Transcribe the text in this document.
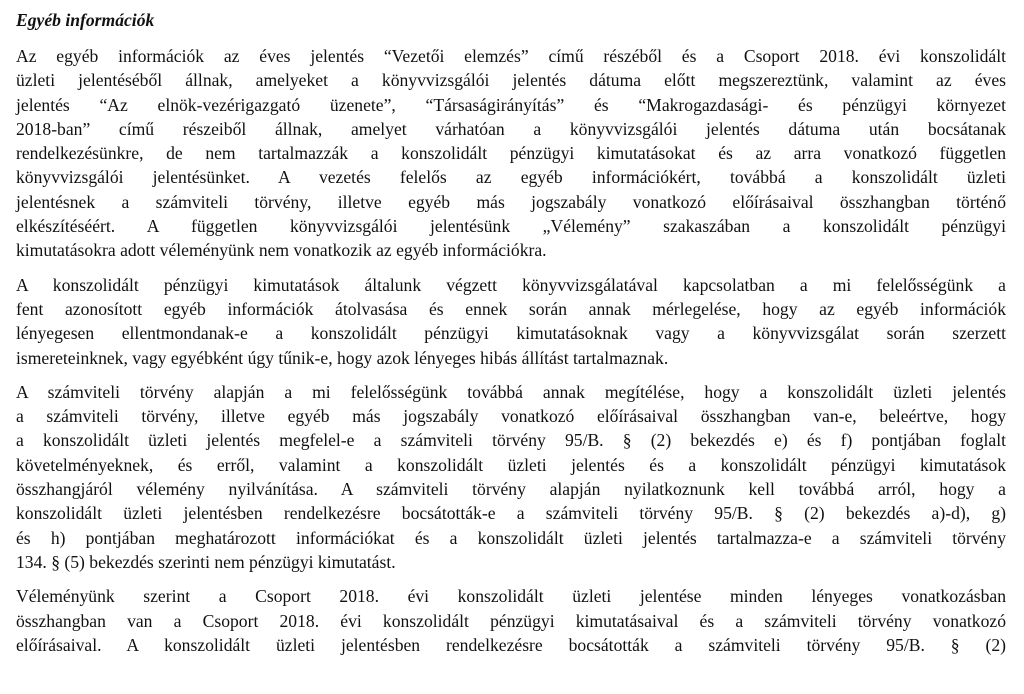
Egyéb információk
Az egyéb információk az éves jelentés “Vezetői elemzés” című részéből és a Csoport 2018. évi konszolidált
üzleti jelentéséből állnak, amelyeket a könyvvizsgálói jelentés dátuma előtt megszereztünk, valamint az éves
jelentés “Az elnök-vezérigazgató üzenete”, “Társaságirányítás” és “Makrogazdasági- és pénzügyi környezet
2018-ban” című részeiből állnak, amelyet várhatóan a könyvvizsgálói jelentés dátuma után bocsátanak
rendelkezésünkre, de nem tartalmazzák a konszolidált pénzügyi kimutatásokat és az arra vonatkozó független
könyvvizsgálói jelentésünket. A vezetés felelős az egyéb információkért, továbbá a konszolidált üzleti
jelentésnek a számviteli törvény, illetve egyéb más jogszabály vonatkozó előírásaival összhangban történő
elkészítéséért. A független könyvvizsgálói jelentésünk „Vélemény” szakaszában a konszolidált pénzügyi
kimutatásokra adott véleményünk nem vonatkozik az egyéb információkra.
A konszolidált pénzügyi kimutatások általunk végzett könyvvizsgálatával kapcsolatban a mi felelősségünk a
fent azonosított egyéb információk átolvasása és ennek során annak mérlegelése, hogy az egyéb információk
lényegesen ellentmondanak-e a konszolidált pénzügyi kimutatásoknak vagy a könyvvizsgálat során szerzett
ismereteinknek, vagy egyébként úgy tűnik-e, hogy azok lényeges hibás állítást tartalmaznak.
A számviteli törvény alapján a mi felelősségünk továbbá annak megítélése, hogy a konszolidált üzleti jelentés
a számviteli törvény, illetve egyéb más jogszabály vonatkozó előírásaival összhangban van-e, beleértve, hogy
a konszolidált üzleti jelentés megfelel-e a számviteli törvény 95/B. § (2) bekezdés e) és f) pontjában foglalt
követelményeknek, és erről, valamint a konszolidált üzleti jelentés és a konszolidált pénzügyi kimutatások
összhangjáról vélemény nyilvánítása. A számviteli törvény alapján nyilatkoznunk kell továbbá arról, hogy a
konszolidált üzleti jelentésben rendelkezésre bocsátották-e a számviteli törvény 95/B. § (2) bekezdés a)-d), g)
és h) pontjában meghatározott információkat és a konszolidált üzleti jelentés tartalmazza-e a számviteli törvény
134. § (5) bekezdés szerinti nem pénzügyi kimutatást.
Véleményünk szerint a Csoport 2018. évi konszolidált üzleti jelentése minden lényeges vonatkozásban
összhangban van a Csoport 2018. évi konszolidált pénzügyi kimutatásaival és a számviteli törvény vonatkozó
előírásaival. A konszolidált üzleti jelentésben rendelkezésre bocsátották a számviteli törvény 95/B. § (2)
